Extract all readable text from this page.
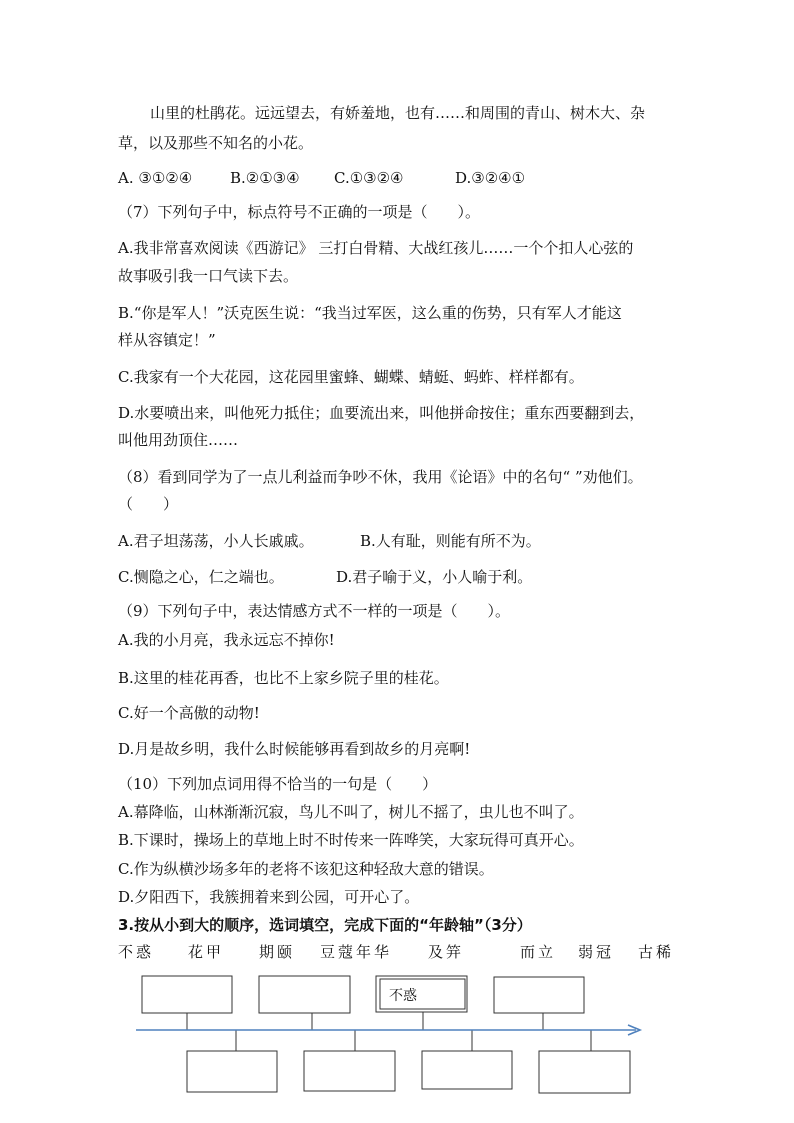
山里的杜鹃花。远远望去，有娇羞地，也有……和周围的青山、树木大、杂
草，以及那些不知名的小花。
A. ③①②④	B.②①③④ C.①③②④	D.③②④①
（7）下列句子中，标点符号不正确的一项是（　　）。
A.我非常喜欢阅读《西游记》 三打白骨精、大战红孩儿……一个个扣人心弦的
故事吸引我一口气读下去。
B.“你是军人！”沃克医生说：“我当过军医，这么重的伤势，只有军人才能这
样从容镇定！”
C.我家有一个大花园，这花园里蜜蜂、蝴蝶、蜻蜓、蚂蚱、样样都有。
D.水要喷出来，叫他死力抵住；血要流出来，叫他拼命按住；重东西要翻到去，
叫他用劲顶住……
（8）看到同学为了一点儿利益而争吵不休，我用《论语》中的名句“ ”劝他们。
（　　）
A.君子坦荡荡，小人长戚戚。	B.人有耻，则能有所不为。
C.恻隐之心，仁之端也。	D.君子喻于义，小人喻于利。
（9）下列句子中，表达情感方式不一样的一项是（　　）。
A.我的小月亮，我永远忘不掉你!
B.这里的桂花再香，也比不上家乡院子里的桂花。
C.好一个高傲的动物!
D.月是故乡明，我什么时候能够再看到故乡的月亮啊!
（10）下列加点词用得不恰当的一句是（　　）
A.幕降临，山林渐渐沉寂，鸟儿不叫了，树儿不摇了，虫儿也不叫了。
B.下课时，操场上的草地上时不时传来一阵哗笑，大家玩得可真开心。
C.作为纵横沙场多年的老将不该犯这种轻敌大意的错误。
D.夕阳西下，我簇拥着来到公园，可开心了。
3.按从小到大的顺序，选词填空，完成下面的“年龄轴”（3分）
不惑 花甲 期颐 豆蔻年华 及笄	而立 弱冠 古稀
不惑
